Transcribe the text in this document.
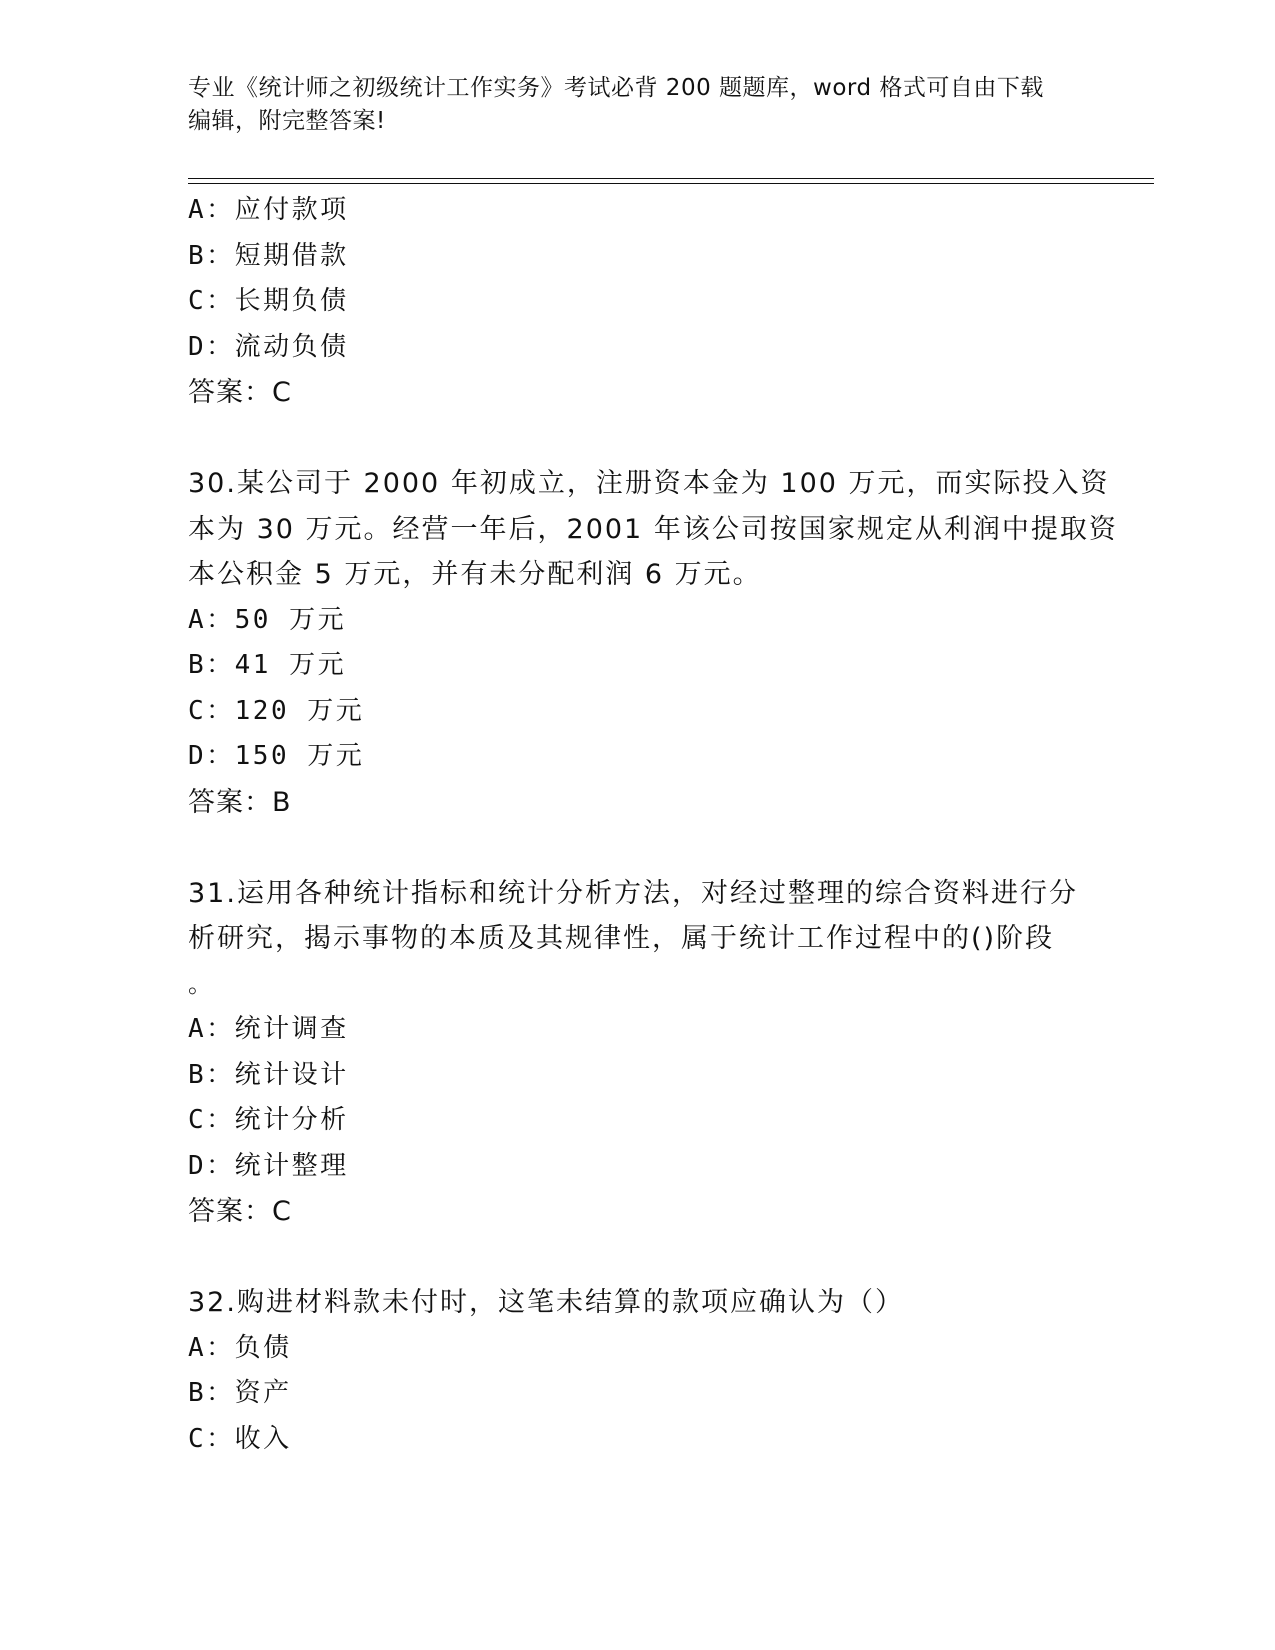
专业《统计师之初级统计工作实务》考试必背 200 题题库，word 格式可自由下载
编辑，附完整答案!
A：应付款项
B：短期借款
C：长期负债
D：流动负债
答案：C
30.某公司于 2000 年初成立，注册资本金为 100 万元，而实际投入资
本为 30 万元。经营一年后，2001 年该公司按国家规定从利润中提取资
本公积金 5 万元，并有未分配利润 6 万元。
A：50 万元
B：41 万元
C：120 万元
D：150 万元
答案：B
31.运用各种统计指标和统计分析方法，对经过整理的综合资料进行分
析研究，揭示事物的本质及其规律性，属于统计工作过程中的()阶段
。
A：统计调查
B：统计设计
C：统计分析
D：统计整理
答案：C
32.购进材料款未付时，这笔未结算的款项应确认为（）
A：负债
B：资产
C：收入
